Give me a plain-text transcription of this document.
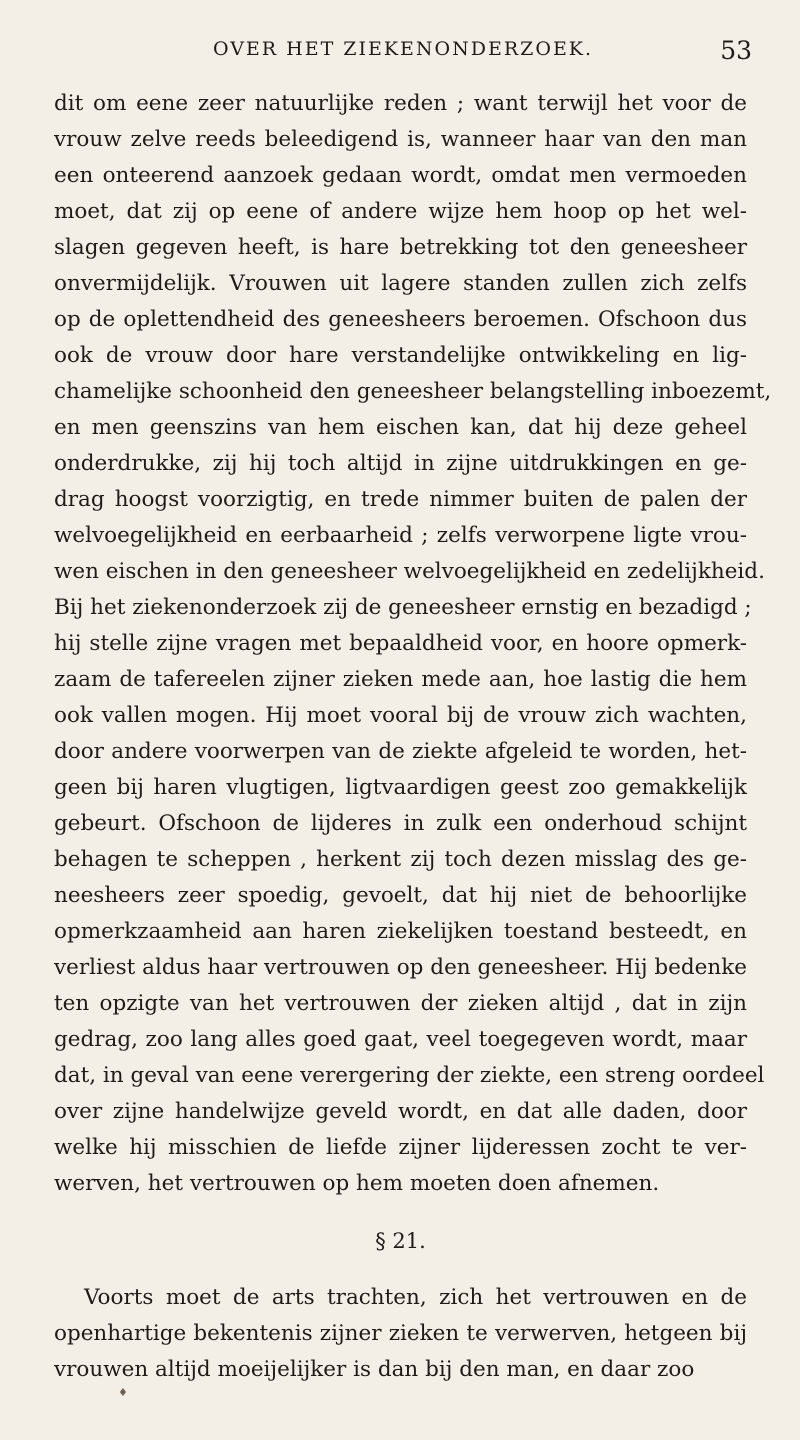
OVER HET ZIEKENONDERZOEK.	53
dit om eene zeer natuurlijke reden ; want terwijl het voor de
vrouw zelve reeds beleedigend is, wanneer haar van den man
een onteerend aanzoek gedaan wordt, omdat men vermoeden
moet, dat zij op eene of andere wijze hem hoop op het wel-
slagen gegeven heeft, is hare betrekking tot den geneesheer
onvermijdelijk. Vrouwen uit lagere standen zullen zich zelfs
op de oplettendheid des geneesheers beroemen. Ofschoon dus
ook de vrouw door hare verstandelijke ontwikkeling en lig-
chamelijke schoonheid den geneesheer belangstelling inboezemt,
en men geenszins van hem eischen kan, dat hij deze geheel
onderdrukke, zij hij toch altijd in zijne uitdrukkingen en ge-
drag hoogst voorzigtig, en trede nimmer buiten de palen der
welvoegelijkheid en eerbaarheid ; zelfs verworpene ligte vrou-
wen eischen in den geneesheer welvoegelijkheid en zedelijkheid.
Bij het ziekenonderzoek zij de geneesheer ernstig en bezadigd ;
hij stelle zijne vragen met bepaaldheid voor, en hoore opmerk-
zaam de tafereelen zijner zieken mede aan, hoe lastig die hem
ook vallen mogen. Hij moet vooral bij de vrouw zich wachten,
door andere voorwerpen van de ziekte afgeleid te worden, het-
geen bij haren vlugtigen, ligtvaardigen geest zoo gemakkelijk
gebeurt. Ofschoon de lijderes in zulk een onderhoud schijnt
behagen te scheppen , herkent zij toch dezen misslag des ge-
neesheers zeer spoedig, gevoelt, dat hij niet de behoorlijke
opmerkzaamheid aan haren ziekelijken toestand besteedt, en
verliest aldus haar vertrouwen op den geneesheer. Hij bedenke
ten opzigte van het vertrouwen der zieken altijd , dat in zijn
gedrag, zoo lang alles goed gaat, veel toegegeven wordt, maar
dat, in geval van eene verergering der ziekte, een streng oordeel
over zijne handelwijze geveld wordt, en dat alle daden, door
welke hij misschien de liefde zijner lijderessen zocht te ver-
werven, het vertrouwen op hem moeten doen afnemen.
§ 21.
Voorts moet de arts trachten, zich het vertrouwen en de
openhartige bekentenis zijner zieken te verwerven, hetgeen bij
vrouwen altijd moeijelijker is dan bij den man, en daar zoo
♦
